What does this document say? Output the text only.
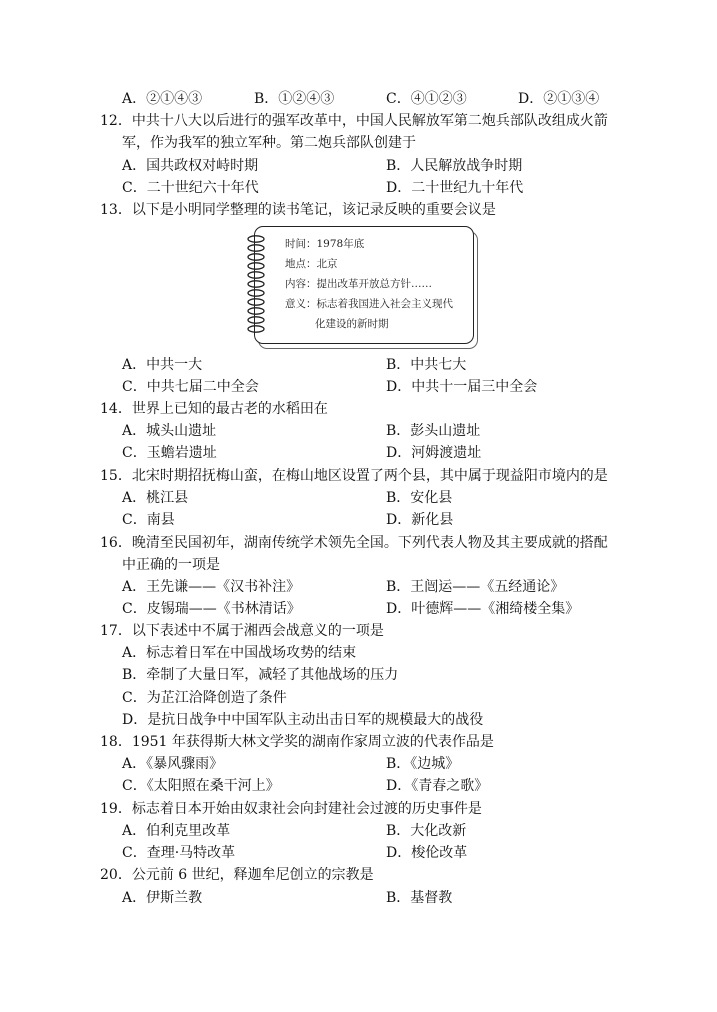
A．②①④③	B．①②④③	C．④①②③	D．②①③④
12．中共十八大以后进行的强军改革中，中国人民解放军第二炮兵部队改组成火箭
军，作为我军的独立军种。第二炮兵部队创建于
A．国共政权对峙时期	B．人民解放战争时期
C．二十世纪六十年代	D．二十世纪九十年代
13．以下是小明同学整理的读书笔记，该记录反映的重要会议是
时间：1978年底
地点：北京
内容：提出改革开放总方针……
意义：标志着我国进入社会主义现代
化建设的新时期
A．中共一大	B．中共七大
C．中共七届二中全会	D．中共十一届三中全会
14．世界上已知的最古老的水稻田在
A．城头山遗址	B．彭头山遗址
C．玉蟾岩遗址	D．河姆渡遗址
15．北宋时期招抚梅山蛮，在梅山地区设置了两个县，其中属于现益阳市境内的是
A．桃江县	B．安化县
C．南县	D．新化县
16．晚清至民国初年，湖南传统学术领先全国。下列代表人物及其主要成就的搭配
中正确的一项是
A．王先谦——《汉书补注》	B．王闿运——《五经通论》
C．皮锡瑞——《书林清话》	D．叶德辉——《湘绮楼全集》
17．以下表述中不属于湘西会战意义的一项是
A．标志着日军在中国战场攻势的结束
B．牵制了大量日军，减轻了其他战场的压力
C．为芷江洽降创造了条件
D．是抗日战争中中国军队主动出击日军的规模最大的战役
18．1951 年获得斯大林文学奖的湖南作家周立波的代表作品是
A．《暴风骤雨》	B．《边城》
C．《太阳照在桑干河上》	D．《青春之歌》
19．标志着日本开始由奴隶社会向封建社会过渡的历史事件是
A．伯利克里改革	B．大化改新
C．查理·马特改革	D．梭伦改革
20．公元前 6 世纪，释迦牟尼创立的宗教是
A．伊斯兰教	B．基督教
